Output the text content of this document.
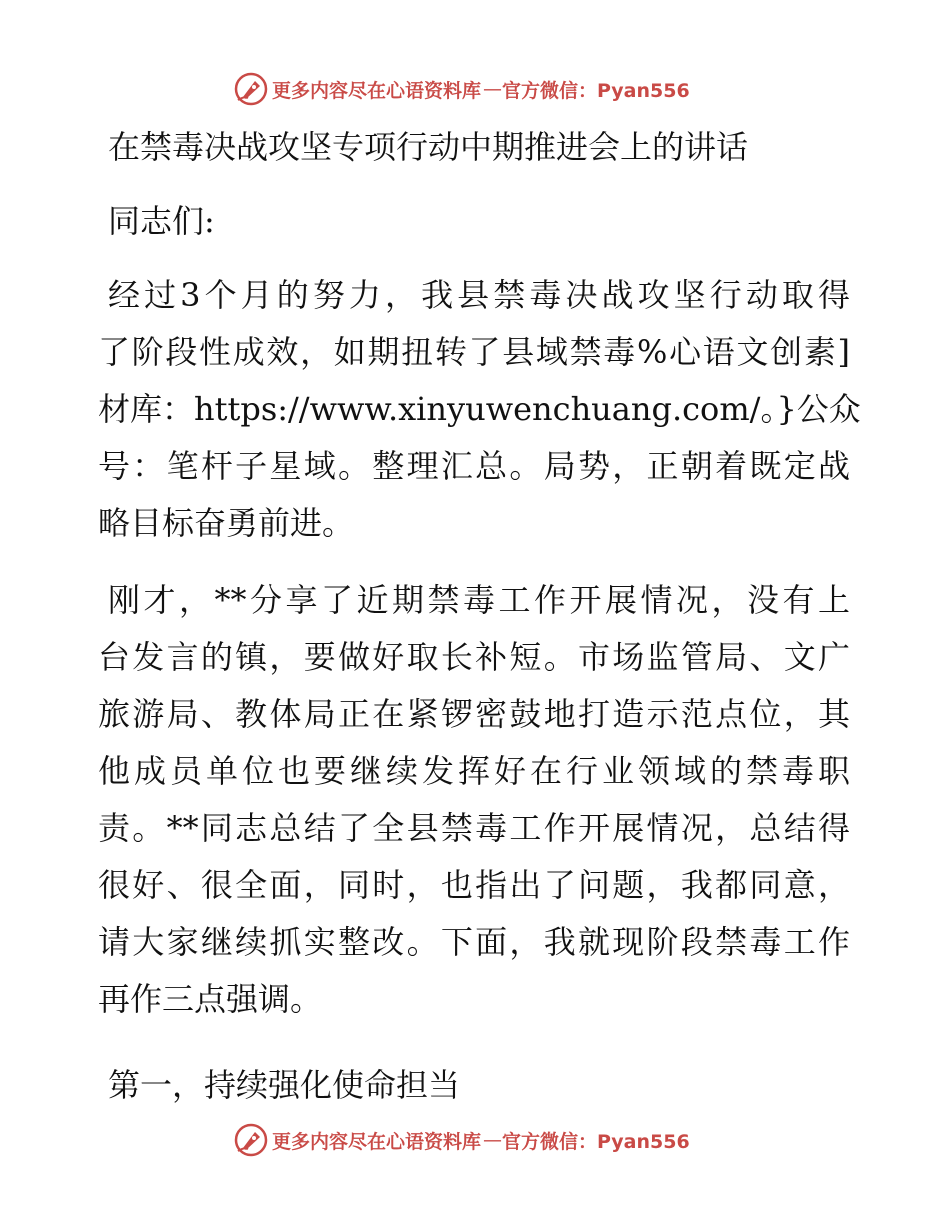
更多内容尽在心语资料库 — 官方微信：Pyan556
在禁毒决战攻坚专项行动中期推进会上的讲话

同志们:

经过3个月的努力，我县禁毒决战攻坚行动取得
了阶段性成效，如期扭转了县域禁毒%心语文创素]
材库：https://www.xinyuwenchuang.com/。}公众
号：笔杆子星域。整理汇总。局势，正朝着既定战
略目标奋勇前进。
刚才，**分享了近期禁毒工作开展情况，没有上
台发言的镇，要做好取长补短。市场监管局、文广
旅游局、教体局正在紧锣密鼓地打造示范点位，其
他成员单位也要继续发挥好在行业领域的禁毒职
责。**同志总结了全县禁毒工作开展情况，总结得
很好、很全面，同时，也指出了问题，我都同意，
请大家继续抓实整改。下面，我就现阶段禁毒工作
再作三点强调。
第一，持续强化使命担当
更多内容尽在心语资料库 — 官方微信：Pyan556
